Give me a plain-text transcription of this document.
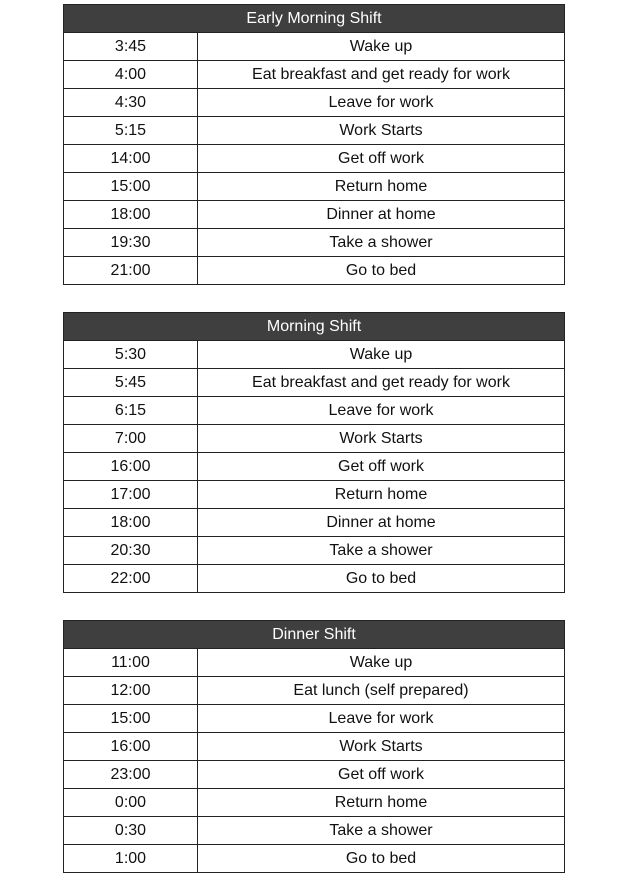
Early Morning Shift	
3:45	Wake up
4:00	Eat breakfast and get ready for work
4:30	Leave for work
5:15	Work Starts
14:00	Get off work
15:00	Return home
18:00	Dinner at home
19:30	Take a shower
21:00	Go to bed
Morning Shift	
5:30	Wake up
5:45	Eat breakfast and get ready for work
6:15	Leave for work
7:00	Work Starts
16:00	Get off work
17:00	Return home
18:00	Dinner at home
20:30	Take a shower
22:00	Go to bed
Dinner Shift	
11:00	Wake up
12:00	Eat lunch (self prepared)
15:00	Leave for work
16:00	Work Starts
23:00	Get off work
0:00	Return home
0:30	Take a shower
1:00	Go to bed
